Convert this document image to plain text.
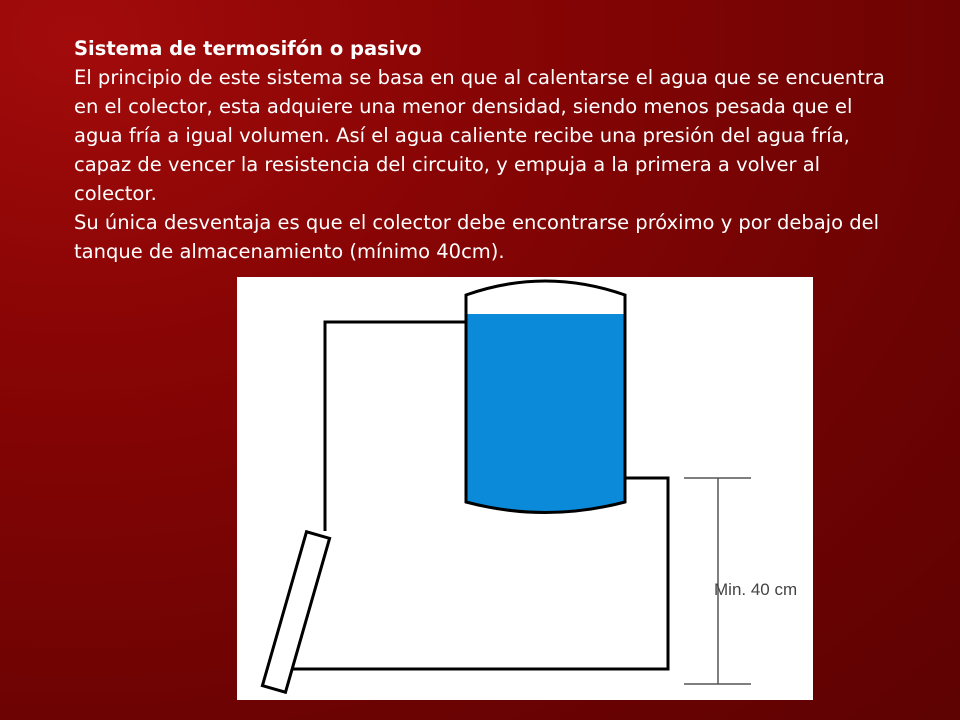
Sistema de termosifón o pasivo

El principio de este sistema se basa en que al calentarse el agua que se encuentra en el colector, esta adquiere una menor densidad, siendo menos pesada que el agua fría a igual volumen. Así el agua caliente recibe una presión del agua fría, capaz de vencer la resistencia del circuito, y empuja a la primera a volver al colector.

Su única desventaja es que el colector debe encontrarse próximo y por debajo del tanque de almacenamiento (mínimo 40cm).

Min. 40 cm
